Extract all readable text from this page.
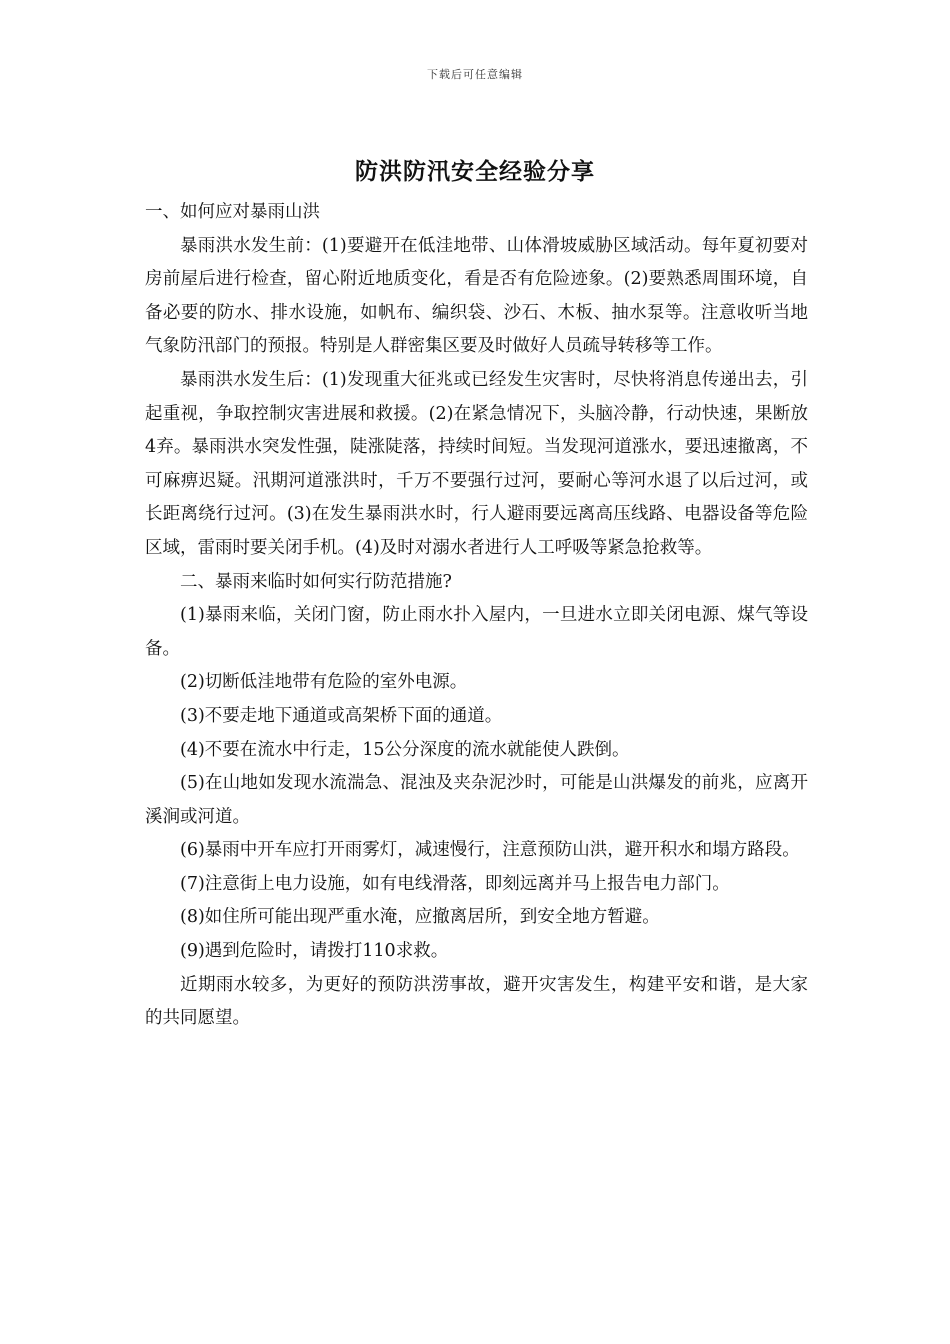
下载后可任意编辑
防洪防汛安全经验分享

一、如何应对暴雨山洪

暴雨洪水发生前：(1)要避开在低洼地带、山体滑坡威胁区域活动。每年夏初要对房前屋后进行检查，留心附近地质变化，看是否有危险迹象。(2)要熟悉周围环境，自备必要的防水、排水设施，如帆布、编织袋、沙石、木板、抽水泵等。注意收听当地气象防汛部门的预报。特别是人群密集区要及时做好人员疏导转移等工作。

暴雨洪水发生后：(1)发现重大征兆或已经发生灾害时，尽快将消息传递出去，引起重视，争取控制灾害进展和救援。(2)在紧急情况下，头脑冷静，行动快速，果断放4弃。暴雨洪水突发性强，陡涨陡落，持续时间短。当发现河道涨水，要迅速撤离，不可麻痹迟疑。汛期河道涨洪时，千万不要强行过河，要耐心等河水退了以后过河，或长距离绕行过河。(3)在发生暴雨洪水时，行人避雨要远离高压线路、电器设备等危险区域，雷雨时要关闭手机。(4)及时对溺水者进行人工呼吸等紧急抢救等。

二、暴雨来临时如何实行防范措施?

(1)暴雨来临，关闭门窗，防止雨水扑入屋内，一旦进水立即关闭电源、煤气等设备。

(2)切断低洼地带有危险的室外电源。

(3)不要走地下通道或高架桥下面的通道。

(4)不要在流水中行走，15公分深度的流水就能使人跌倒。

(5)在山地如发现水流湍急、混浊及夹杂泥沙时，可能是山洪爆发的前兆，应离开溪涧或河道。

(6)暴雨中开车应打开雨雾灯，减速慢行，注意预防山洪，避开积水和塌方路段。

(7)注意街上电力设施，如有电线滑落，即刻远离并马上报告电力部门。

(8)如住所可能出现严重水淹，应撤离居所，到安全地方暂避。

(9)遇到危险时，请拨打110求救。

近期雨水较多，为更好的预防洪涝事故，避开灾害发生，构建平安和谐，是大家的共同愿望。
